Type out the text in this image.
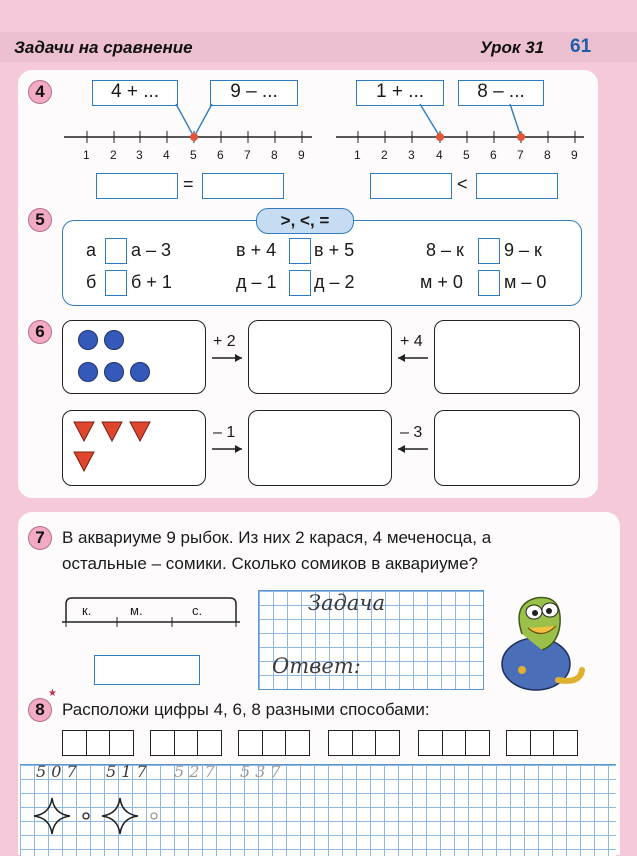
Задачи на сравнение	Урок 31 61
4	4 + ...	9 – ...	1 + ...	8 – ...
1 2 3 4 5 6 7 8 9	1 2 3 4 5 6 7 8 9
=	<
5	>, <, =
а а – 3	в + 4 в + 5	8 – к 9 – к
б б + 1	д – 1 д – 2	м + 0 м – 0
6
+ 2	+ 4
– 1	– 3
7	В аквариуме 9 рыбок. Из них 2 карася, 4 меченосца, а
остальные – сомики. Сколько сомиков в аквариуме?
к.	м.	с.	Задача
Ответ:
8
★
Расположи цифры 4, 6, 8 разными способами:
5 0 7 5 1 7 5 2 7 5 3 7
